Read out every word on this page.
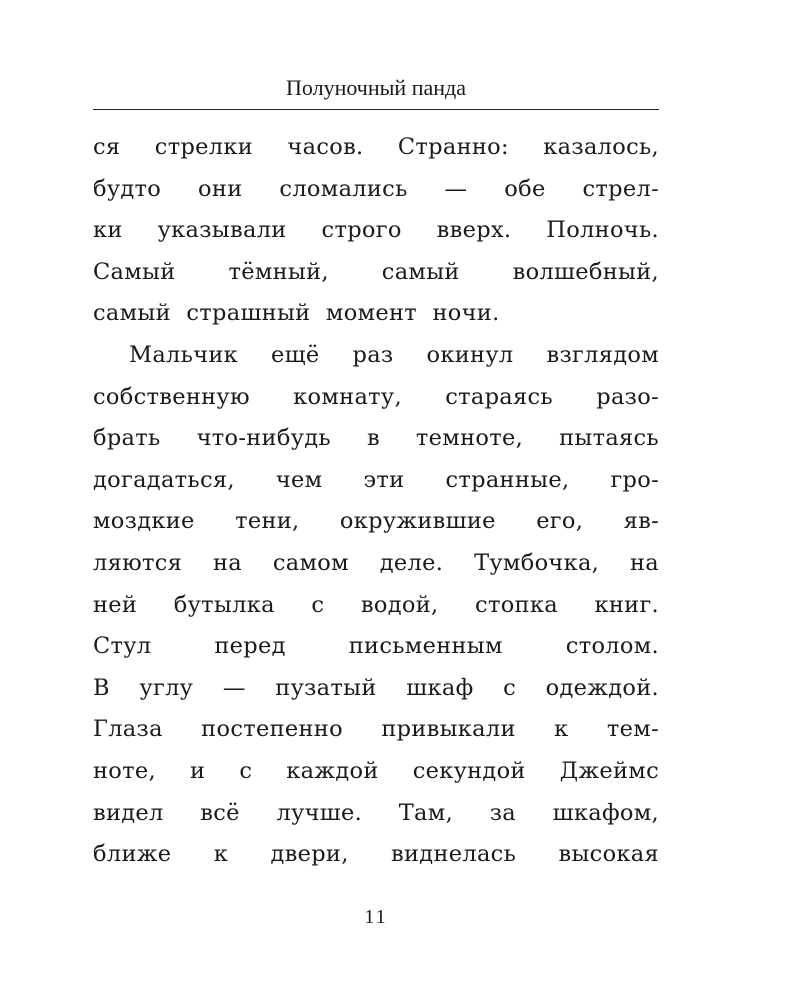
Полуночный панда
ся стрелки часов. Странно: казалось,
будто они сломались — обе стрел-
ки указывали строго вверх. Полночь.
Самый тёмный, самый волшебный,
самый страшный момент ночи.
Мальчик ещё раз окинул взглядом
собственную комнату, стараясь разо-
брать что-нибудь в темноте, пытаясь
догадаться, чем эти странные, гро-
моздкие тени, окружившие его, яв-
ляются на самом деле. Тумбочка, на
ней бутылка с водой, стопка книг.
Стул перед письменным столом.
В углу — пузатый шкаф с одеждой.
Глаза постепенно привыкали к тем-
ноте, и с каждой секундой Джеймс
видел всё лучше. Там, за шкафом,
ближе к двери, виднелась высокая
11
